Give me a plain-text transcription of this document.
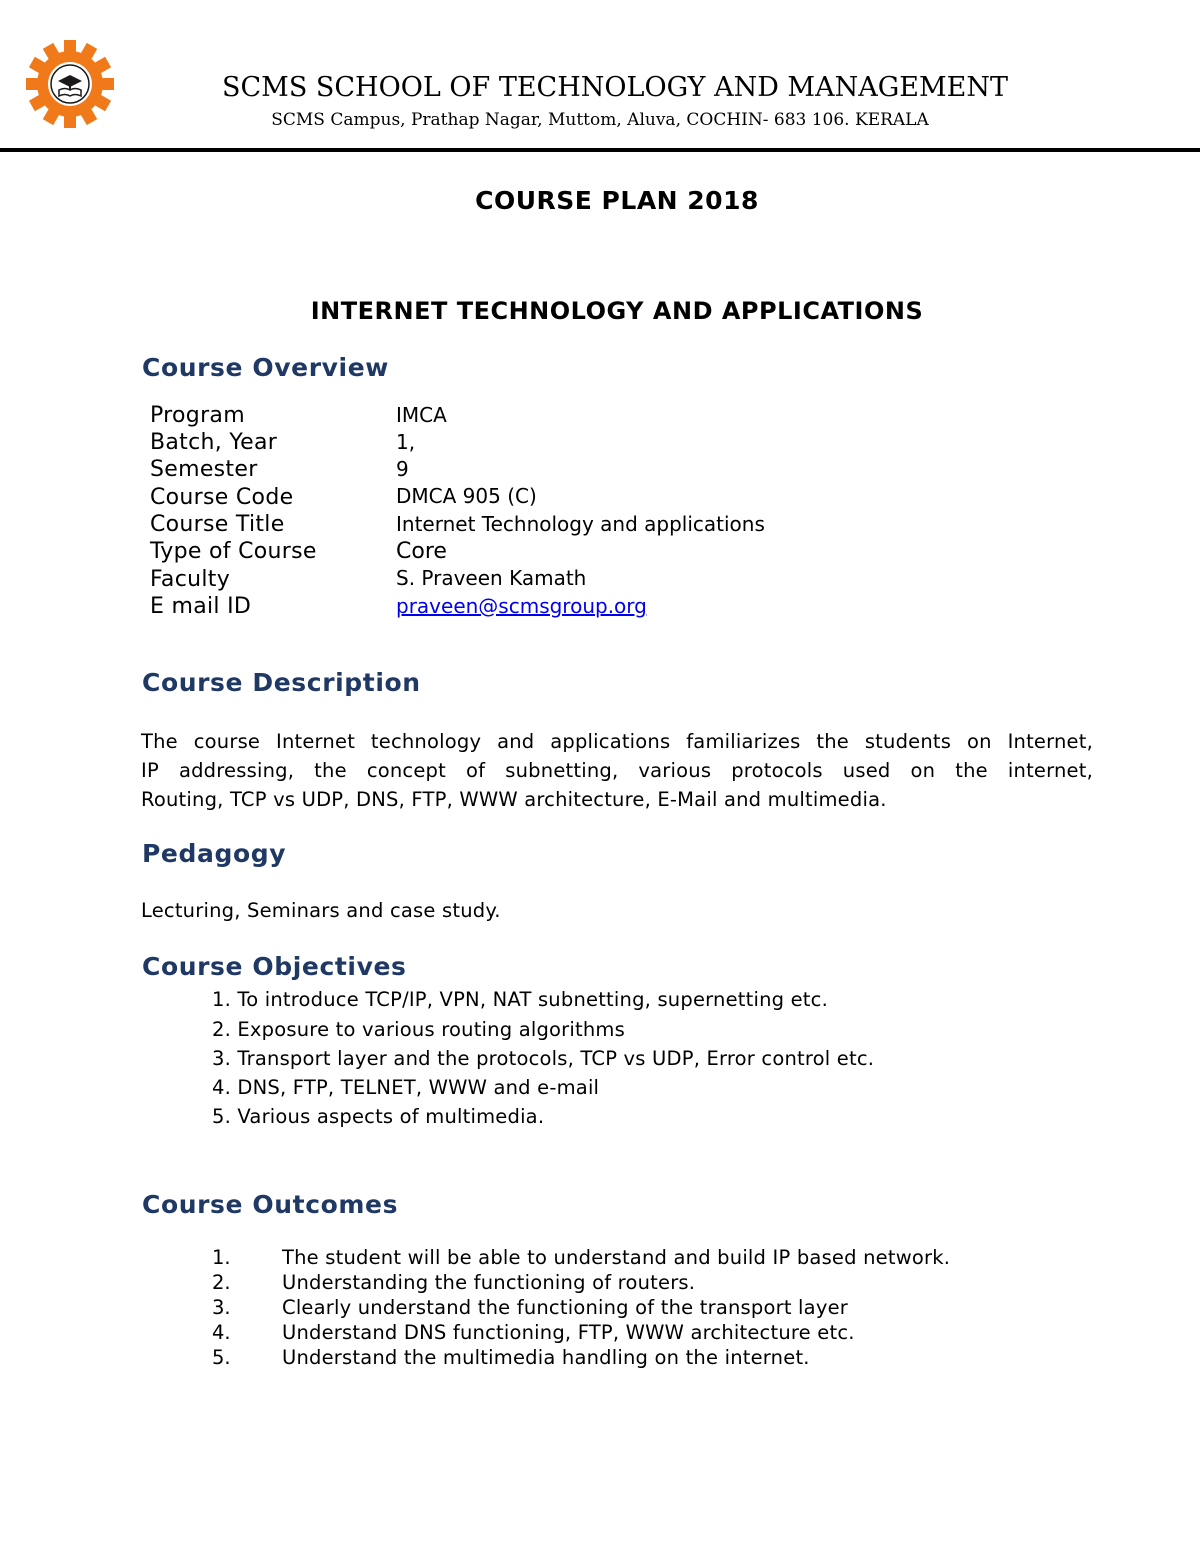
SCMS SCHOOL OF TECHNOLOGY AND MANAGEMENT
SCMS Campus, Prathap Nagar, Muttom, Aluva, COCHIN- 683 106. KERALA
COURSE PLAN 2018
INTERNET TECHNOLOGY AND APPLICATIONS
Course Overview
Program	IMCA
Batch, Year	1,
Semester	9
Course Code	DMCA 905 (C)
Course Title	Internet Technology and applications
Type of Course	Core
Faculty	S. Praveen Kamath
E mail ID	praveen@scmsgroup.org
Course Description
The course Internet technology and applications familiarizes the students on Internet,
IP addressing, the concept of subnetting, various protocols used on the internet,
Routing, TCP vs UDP, DNS, FTP, WWW architecture, E-Mail and multimedia.
Pedagogy
Lecturing, Seminars and case study.
Course Objectives
1. To introduce TCP/IP, VPN, NAT subnetting, supernetting etc.
2. Exposure to various routing algorithms
3. Transport layer and the protocols, TCP vs UDP, Error control etc.
4. DNS, FTP, TELNET, WWW and e-mail
5. Various aspects of multimedia.
Course Outcomes
1.	The student will be able to understand and build IP based network.
2.	Understanding the functioning of routers.
3.	Clearly understand the functioning of the transport layer
4.	Understand DNS functioning, FTP, WWW architecture etc.
5.	Understand the multimedia handling on the internet.
